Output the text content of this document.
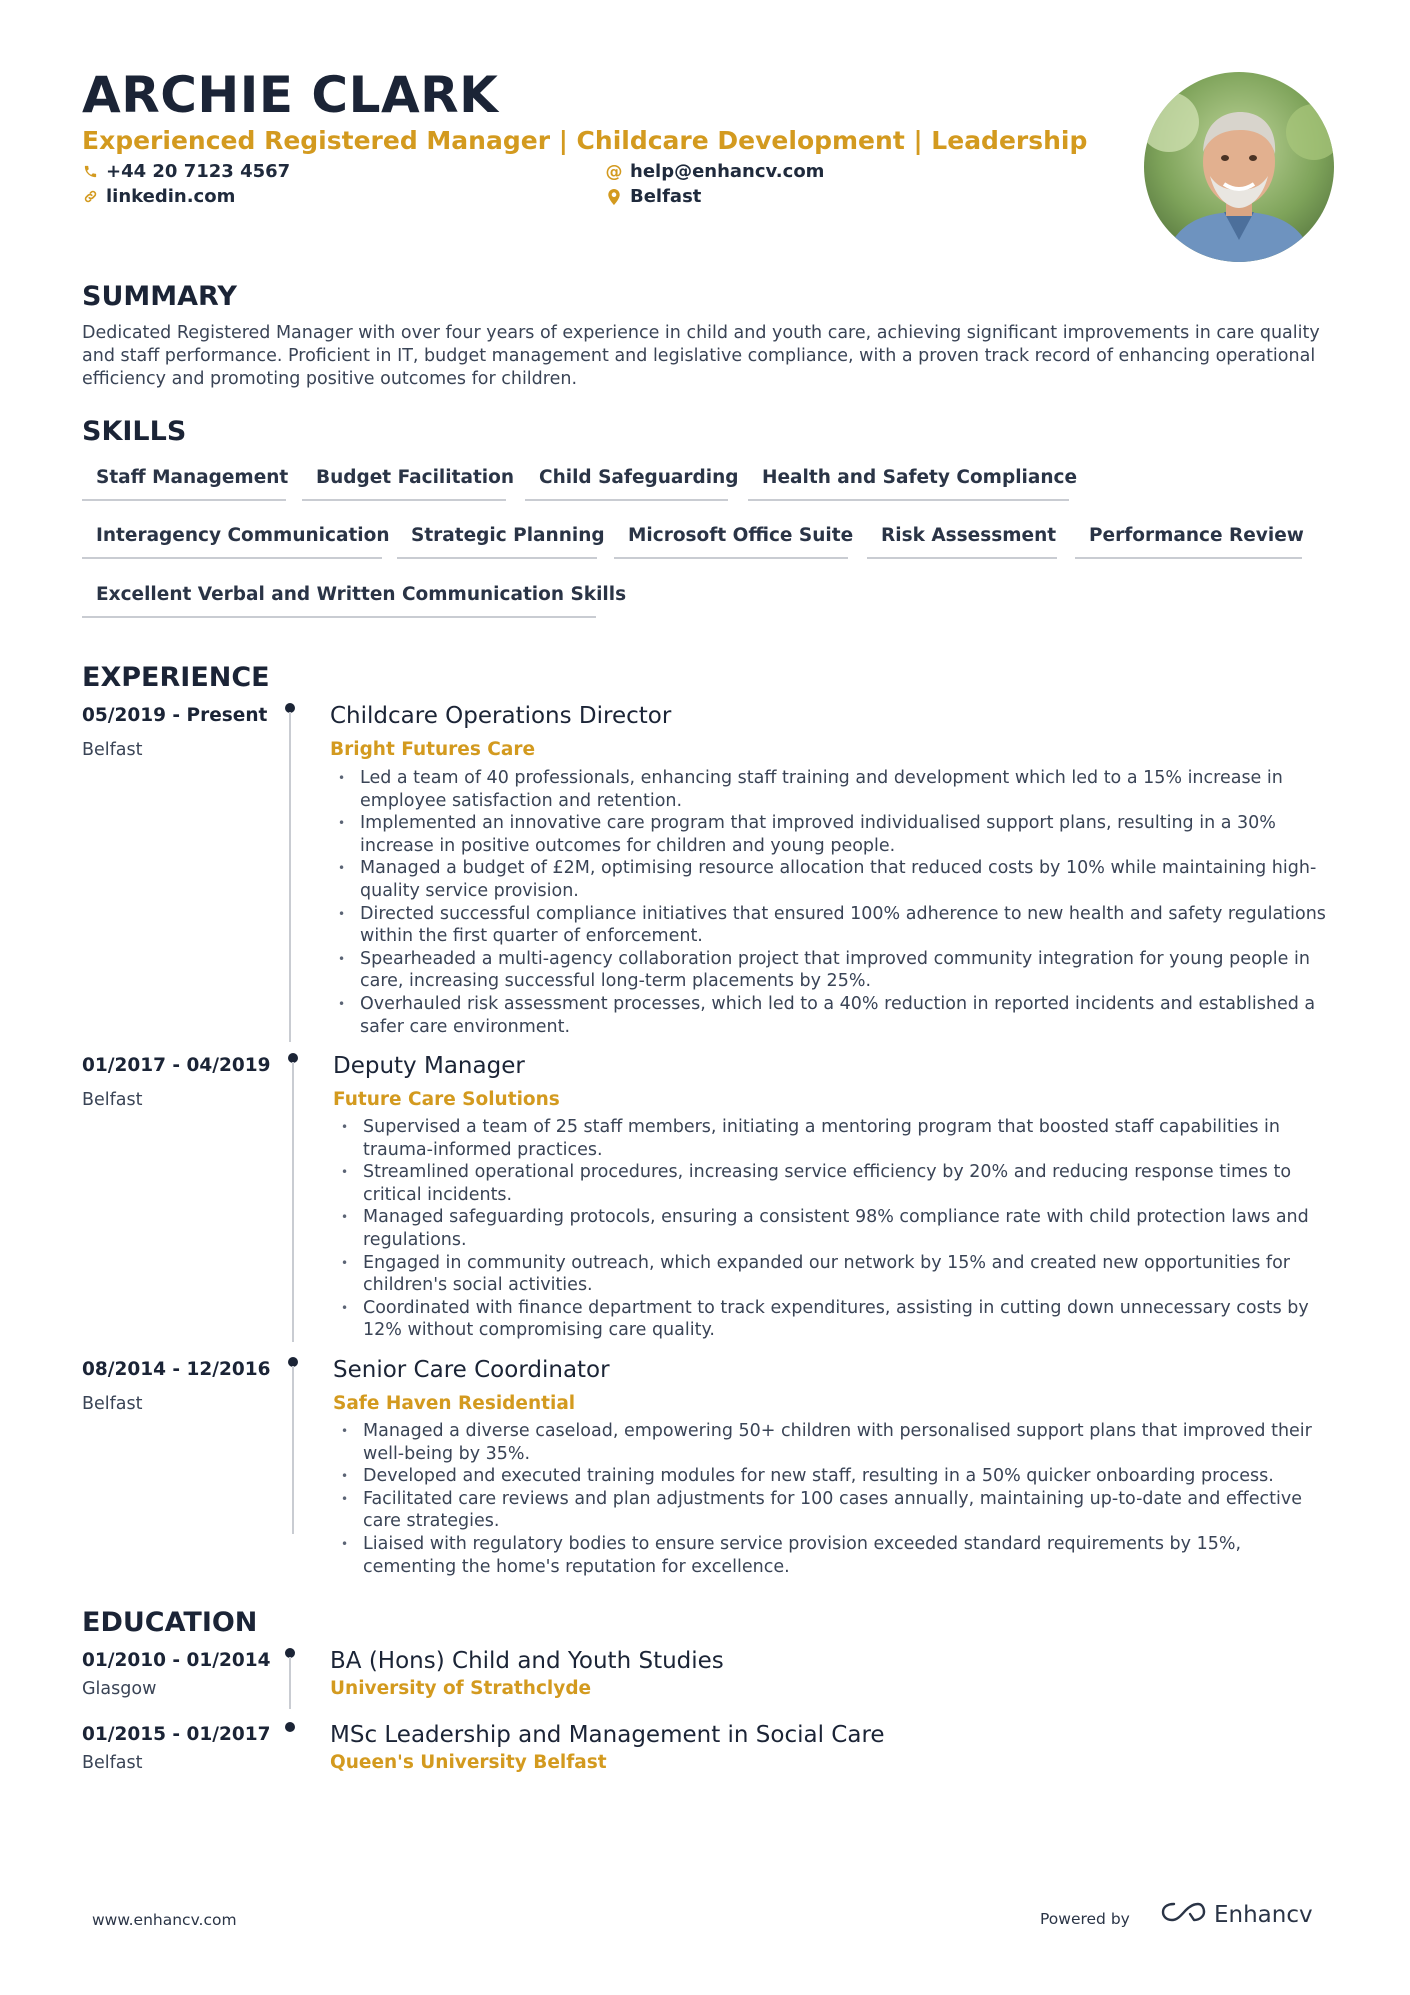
ARCHIE CLARK
Experienced Registered Manager | Childcare Development | Leadership
+44 20 7123 4567	@ help@enhancv.com
linkedin.com	Belfast
SUMMARY
Dedicated Registered Manager with over four years of experience in child and youth care, achieving significant improvements in care quality and staff performance. Proficient in IT, budget management and legislative compliance, with a proven track record of enhancing operational efficiency and promoting positive outcomes for children.
SKILLS
Staff Management	Budget Facilitation	Child Safeguarding	Health and Safety Compliance
Interagency Communication	Strategic Planning	Microsoft Office Suite	Risk Assessment	Performance Review
Excellent Verbal and Written Communication Skills
EXPERIENCE
05/2019 - Present
Belfast
Childcare Operations Director
Bright Futures Care
• Led a team of 40 professionals, enhancing staff training and development which led to a 15% increase in employee satisfaction and retention.
• Implemented an innovative care program that improved individualised support plans, resulting in a 30% increase in positive outcomes for children and young people.
• Managed a budget of £2M, optimising resource allocation that reduced costs by 10% while maintaining high-quality service provision.
• Directed successful compliance initiatives that ensured 100% adherence to new health and safety regulations within the first quarter of enforcement.
• Spearheaded a multi-agency collaboration project that improved community integration for young people in care, increasing successful long-term placements by 25%.
• Overhauled risk assessment processes, which led to a 40% reduction in reported incidents and established a safer care environment.
01/2017 - 04/2019
Belfast
Deputy Manager
Future Care Solutions
• Supervised a team of 25 staff members, initiating a mentoring program that boosted staff capabilities in trauma-informed practices.
• Streamlined operational procedures, increasing service efficiency by 20% and reducing response times to critical incidents.
• Managed safeguarding protocols, ensuring a consistent 98% compliance rate with child protection laws and regulations.
• Engaged in community outreach, which expanded our network by 15% and created new opportunities for children's social activities.
• Coordinated with finance department to track expenditures, assisting in cutting down unnecessary costs by 12% without compromising care quality.
08/2014 - 12/2016
Belfast
Senior Care Coordinator
Safe Haven Residential
• Managed a diverse caseload, empowering 50+ children with personalised support plans that improved their well-being by 35%.
• Developed and executed training modules for new staff, resulting in a 50% quicker onboarding process.
• Facilitated care reviews and plan adjustments for 100 cases annually, maintaining up-to-date and effective care strategies.
• Liaised with regulatory bodies to ensure service provision exceeded standard requirements by 15%, cementing the home's reputation for excellence.
EDUCATION
01/2010 - 01/2014
Glasgow
BA (Hons) Child and Youth Studies
University of Strathclyde
01/2015 - 01/2017
Belfast
MSc Leadership and Management in Social Care
Queen's University Belfast
www.enhancv.com	Powered by	Enhancv
